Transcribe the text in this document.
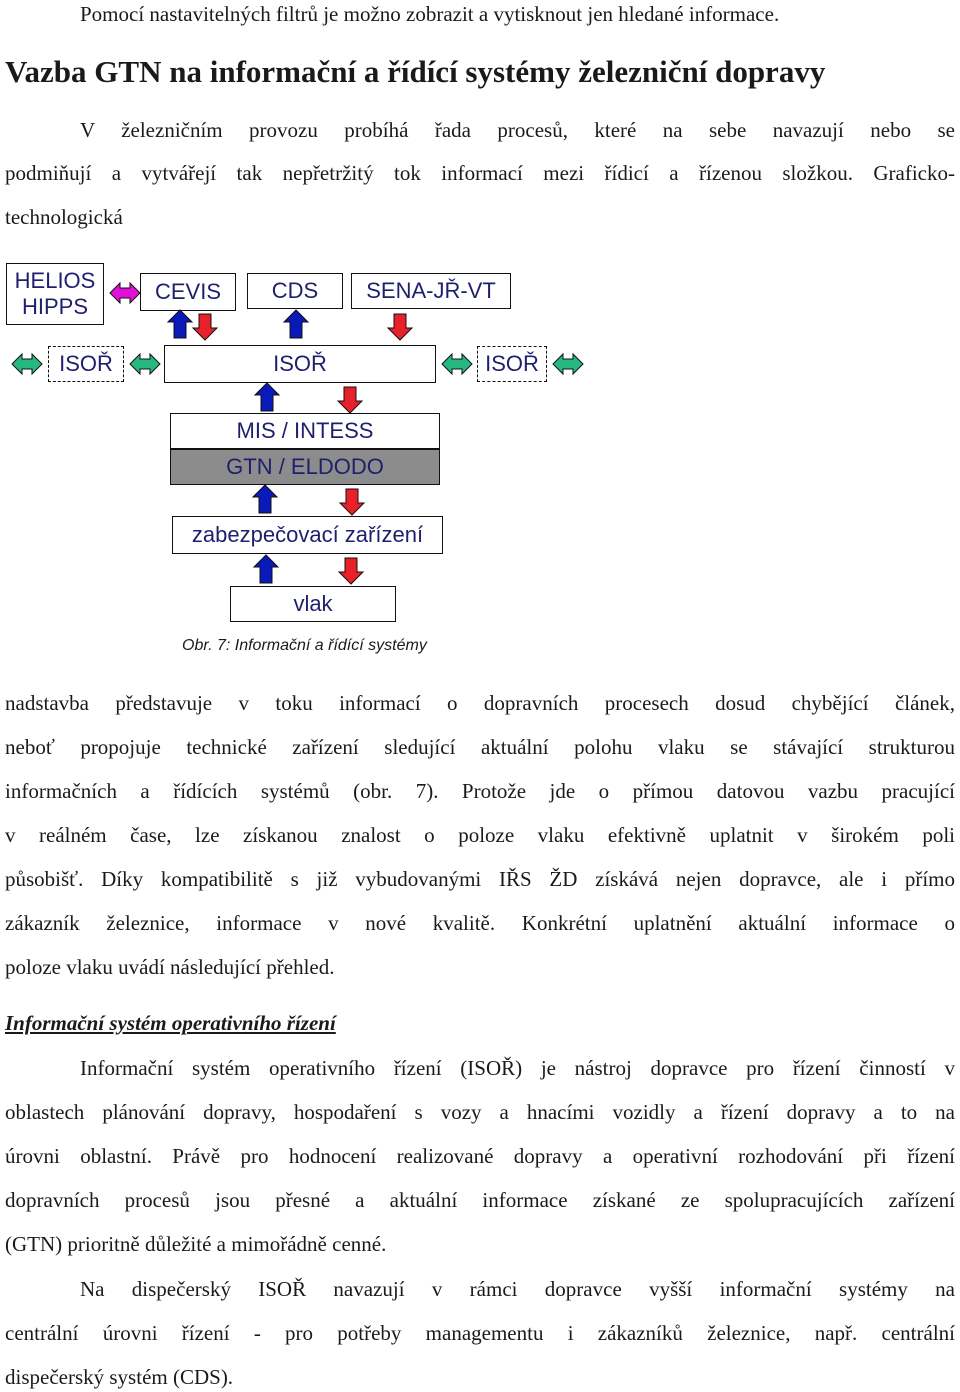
Pomocí nastavitelných filtrů je možno zobrazit a vytisknout jen hledané informace.
Vazba GTN na informační a řídící systémy železniční dopravy
V železničním provozu probíhá řada procesů, které na sebe navazují nebo se
podmiňují a vytvářejí tak nepřetržitý tok informací mezi řídicí a řízenou složkou. Graficko-
technologická
HELIOS
HIPPS
CEVIS CDS SENA-JŘ-VT
ISOŘ	ISOŘ	ISOŘ
MIS / INTESS
GTN / ELDODO
zabezpečovací zařízení
vlak
Obr. 7: Informační a řídící systémy
nadstavba představuje v toku informací o dopravních procesech dosud chybějící článek,
neboť propojuje technické zařízení sledující aktuální polohu vlaku se stávající strukturou
informačních a řídících systémů (obr. 7). Protože jde o přímou datovou vazbu pracující
v reálném čase, lze získanou znalost o poloze vlaku efektivně uplatnit v širokém poli
působišť. Díky kompatibilitě s již vybudovanými IŘS ŽD získává nejen dopravce, ale i přímo
zákazník železnice, informace v nové kvalitě. Konkrétní uplatnění aktuální informace o
poloze vlaku uvádí následující přehled.
Informační systém operativního řízení
Informační systém operativního řízení (ISOŘ) je nástroj dopravce pro řízení činností v
oblastech plánování dopravy, hospodaření s vozy a hnacími vozidly a řízení dopravy a to na
úrovni oblastní. Právě pro hodnocení realizované dopravy a operativní rozhodování při řízení
dopravních procesů jsou přesné a aktuální informace získané ze spolupracujících zařízení
(GTN) prioritně důležité a mimořádně cenné.
Na dispečerský ISOŘ navazují v rámci dopravce vyšší informační systémy na
centrální úrovni řízení - pro potřeby managementu i zákazníků železnice, např. centrální
dispečerský systém (CDS).
